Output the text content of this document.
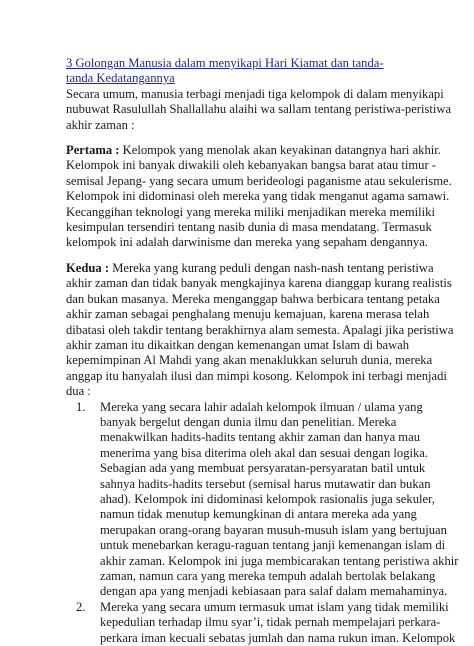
3 Golongan Manusia dalam menyikapi Hari Kiamat dan tanda-
tanda Kedatangannya

Secara umum, manusia terbagi menjadi tiga kelompok di dalam menyikapi nubuwat Rasulullah Shallallahu alaihi wa sallam tentang peristiwa-peristiwa akhir zaman :

Pertama : Kelompok yang menolak akan keyakinan datangnya hari akhir. Kelompok ini banyak diwakili oleh kebanyakan bangsa barat atau timur -semisal Jepang- yang secara umum berideologi paganisme atau sekulerisme. Kelompok ini didominasi oleh mereka yang tidak menganut agama samawi. Kecanggihan teknologi yang mereka miliki menjadikan mereka memiliki kesimpulan tersendiri tentang nasib dunia di masa mendatang. Termasuk kelompok ini adalah darwinisme dan mereka yang sepaham dengannya.

Kedua : Mereka yang kurang peduli dengan nash-nash tentang peristiwa akhir zaman dan tidak banyak mengkajinya karena dianggap kurang realistis dan bukan masanya. Mereka menganggap bahwa berbicara tentang petaka akhir zaman sebagai penghalang menuju kemajuan, karena merasa telah dibatasi oleh takdir tentang berakhirnya alam semesta. Apalagi jika peristiwa akhir zaman itu dikaitkan dengan kemenangan umat Islam di bawah kepemimpinan Al Mahdi yang akan menaklukkan seluruh dunia, mereka anggap itu hanyalah ilusi dan mimpi kosong. Kelompok ini terbagi menjadi dua :

1. Mereka yang secara lahir adalah kelompok ilmuan / ulama yang banyak bergelut dengan dunia ilmu dan penelitian. Mereka menakwilkan hadits-hadits tentang akhir zaman dan hanya mau menerima yang bisa diterima oleh akal dan sesuai dengan logika. Sebagian ada yang membuat persyaratan-persyaratan batil untuk sahnya hadits-hadits tersebut (semisal harus mutawatir dan bukan ahad). Kelompok ini didominasi kelompok rasionalis juga sekuler, namun tidak menutup kemungkinan di antara mereka ada yang merupakan orang-orang bayaran musuh-musuh islam yang bertujuan untuk menebarkan keragu-raguan tentang janji kemenangan islam di akhir zaman. Kelompok ini juga membicarakan tentang peristiwa akhir zaman, namun cara yang mereka tempuh adalah bertolak belakang dengan apa yang menjadi kebiasaan para salaf dalam memahaminya.
2. Mereka yang secara umum termasuk umat islam yang tidak memiliki kepedulian terhadap ilmu syar’i, tidak pernah mempelajari perkara-perkara iman kecuali sebatas jumlah dan nama rukun iman. Kelompok
